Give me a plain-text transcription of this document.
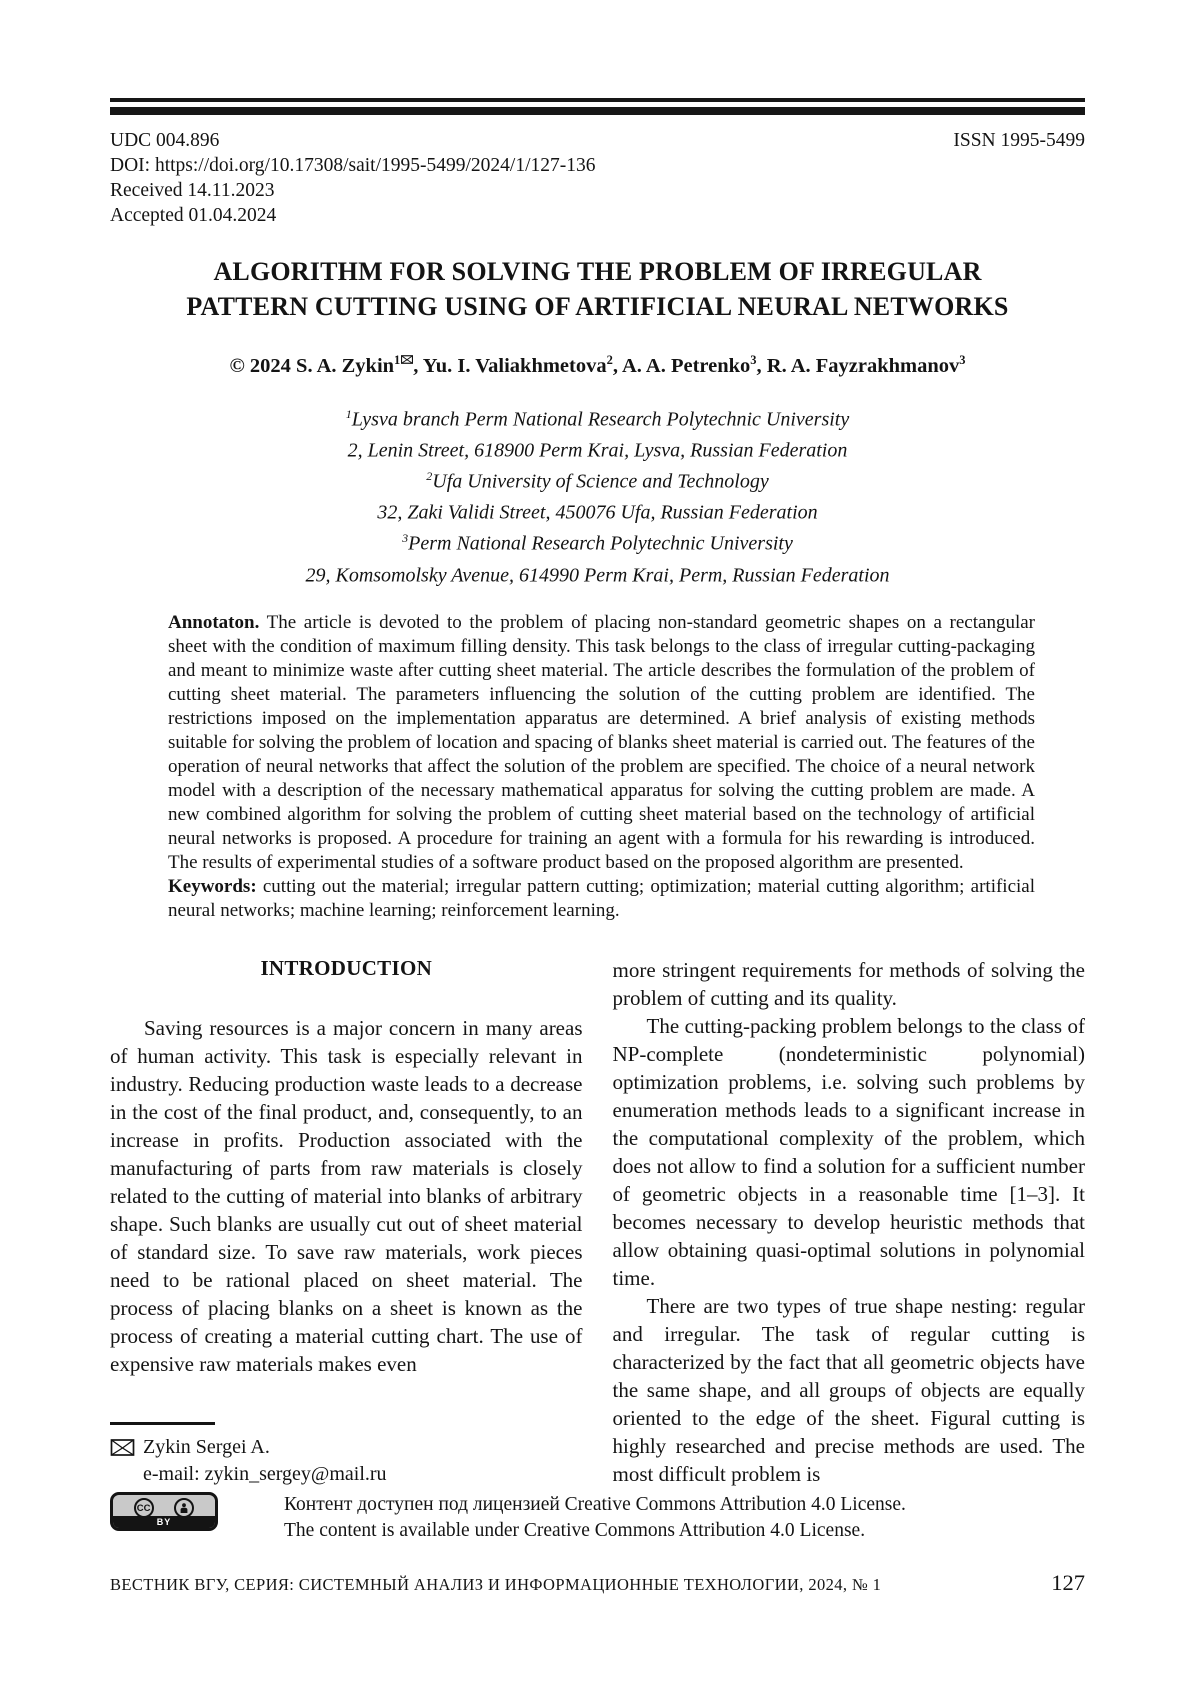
UDC 004.896	ISSN 1995-5499
DOI: https://doi.org/10.17308/sait/1995-5499/2024/1/127-136
Received 14.11.2023
Accepted 01.04.2024
ALGORITHM FOR SOLVING THE PROBLEM OF IRREGULAR PATTERN CUTTING USING OF ARTIFICIAL NEURAL NETWORKS
© 2024 S. A. Zykin$^1$ , Yu. I. Valiakhmetova$^2$, A. A. Petrenko$^3$, R. A. Fayzrakhmanov$^3$
$^1$Lysva branch Perm National Research Polytechnic University
2, Lenin Street, 618900 Perm Krai, Lysva, Russian Federation
$^2$Ufa University of Science and Technology
32, Zaki Validi Street, 450076 Ufa, Russian Federation
$^3$Perm National Research Polytechnic University
29, Komsomolsky Avenue, 614990 Perm Krai, Perm, Russian Federation

Annotaton. The article is devoted to the problem of placing non-standard geometric shapes on a rectangular sheet with the condition of maximum filling density. This task belongs to the class of irregular cutting-packaging and meant to minimize waste after cutting sheet material. The article describes the formulation of the problem of cutting sheet material. The parameters influencing the solution of the cutting problem are identified. The restrictions imposed on the implementation apparatus are determined. A brief analysis of existing methods suitable for solving the problem of location and spacing of blanks sheet material is carried out. The features of the operation of neural networks that affect the solution of the problem are specified. The choice of a neural network model with a description of the necessary mathematical apparatus for solving the cutting problem are made. A new combined algorithm for solving the problem of cutting sheet material based on the technology of artificial neural networks is proposed. A procedure for training an agent with a formula for his rewarding is introduced. The results of experimental studies of a software product based on the proposed algorithm are presented.

Keywords: cutting out the material; irregular pattern cutting; optimization; material cutting algorithm; artificial neural networks; machine learning; reinforcement learning.

INTRODUCTION

Saving resources is a major concern in many areas of human activity. This task is especially relevant in industry. Reducing production waste leads to a decrease in the cost of the final product, and, consequently, to an increase in profits. Production associated with the manufacturing of parts from raw materials is closely related to the cutting of material into blanks of arbitrary shape. Such blanks are usually cut out of sheet material of standard size. To save raw materials, work pieces need to be rational placed on sheet material. The process of placing blanks on a sheet is known as the process of creating a material cutting chart. The use of expensive raw materials makes even

Zykin Sergei A.
e-mail: zykin_sergey@mail.ru

more stringent requirements for methods of solving the problem of cutting and its quality.

The cutting-packing problem belongs to the class of NP-complete (nondeterministic polynomial) optimization problems, i.e. solving such problems by enumeration methods leads to a significant increase in the computational complexity of the problem, which does not allow to find a solution for a sufficient number of geometric objects in a reasonable time [1–3]. It becomes necessary to develop heuristic methods that allow obtaining quasi-optimal solutions in polynomial time.

There are two types of true shape nesting: regular and irregular. The task of regular cutting is characterized by the fact that all geometric objects have the same shape, and all groups of objects are equally oriented to the edge of the sheet. Figural cutting is highly researched and precise methods are used. The most difficult problem is

CC
BY
Контент доступен под лицензией Creative Commons Attribution 4.0 License.
The content is available under Creative Commons Attribution 4.0 License.
ВЕСТНИК ВГУ, СЕРИЯ: СИСТЕМНЫЙ АНАЛИЗ И ИНФОРМАЦИОННЫЕ ТЕХНОЛОГИИ, 2024, № 1	127
